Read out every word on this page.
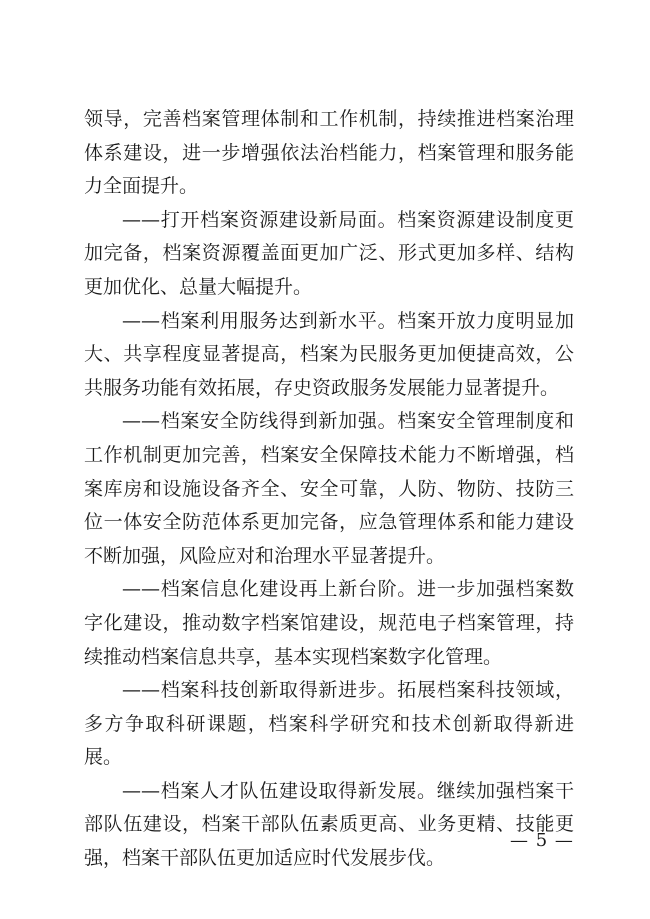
领导，完善档案管理体制和工作机制，持续推进档案治理体系建设，进一步增强依法治档能力，档案管理和服务能力全面提升。

——打开档案资源建设新局面。档案资源建设制度更加完备，档案资源覆盖面更加广泛、形式更加多样、结构更加优化、总量大幅提升。

——档案利用服务达到新水平。档案开放力度明显加大、共享程度显著提高，档案为民服务更加便捷高效，公共服务功能有效拓展，存史资政服务发展能力显著提升。

——档案安全防线得到新加强。档案安全管理制度和工作机制更加完善，档案安全保障技术能力不断增强，档案库房和设施设备齐全、安全可靠，人防、物防、技防三位一体安全防范体系更加完备，应急管理体系和能力建设不断加强，风险应对和治理水平显著提升。

——档案信息化建设再上新台阶。进一步加强档案数字化建设，推动数字档案馆建设，规范电子档案管理，持续推动档案信息共享，基本实现档案数字化管理。

——档案科技创新取得新进步。拓展档案科技领域，多方争取科研课题，档案科学研究和技术创新取得新进展。

——档案人才队伍建设取得新发展。继续加强档案干部队伍建设，档案干部队伍素质更高、业务更精、技能更强，档案干部队伍更加适应时代发展步伐。

— 5 —
